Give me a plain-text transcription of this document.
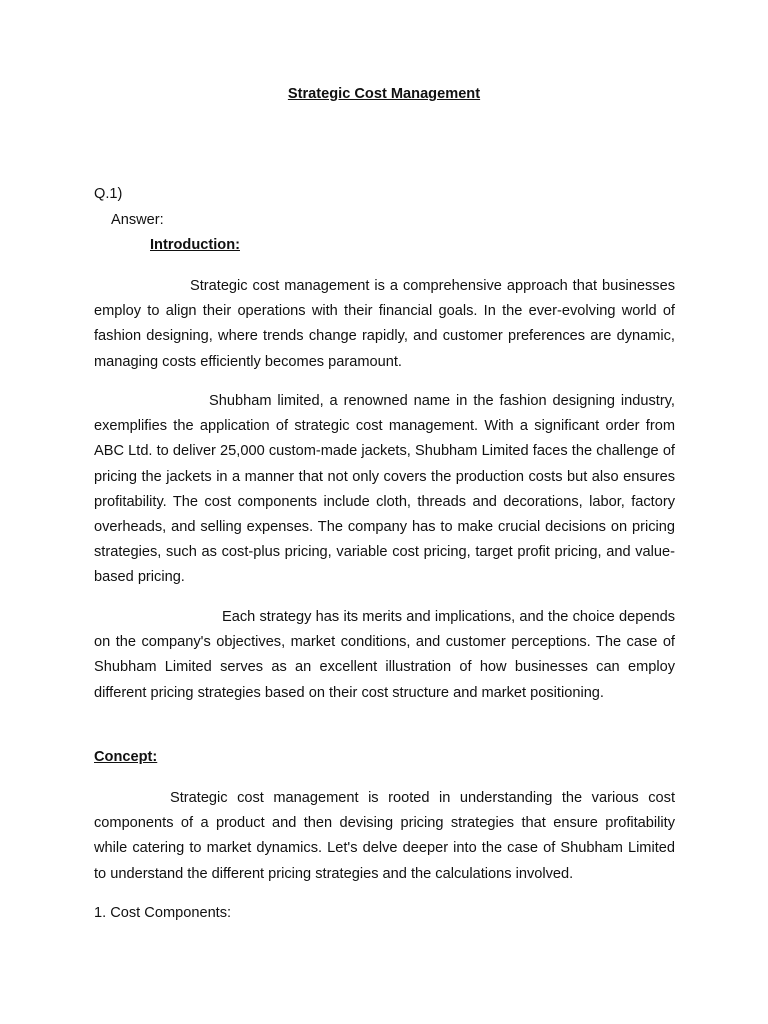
Strategic Cost Management
Q.1)
Answer:
Introduction:

Strategic cost management is a comprehensive approach that businesses employ to align their operations with their financial goals. In the ever-evolving world of fashion designing, where trends change rapidly, and customer preferences are dynamic, managing costs efficiently becomes paramount.

Shubham limited, a renowned name in the fashion designing industry, exemplifies the application of strategic cost management. With a significant order from ABC Ltd. to deliver 25,000 custom-made jackets, Shubham Limited faces the challenge of pricing the jackets in a manner that not only covers the production costs but also ensures profitability. The cost components include cloth, threads and decorations, labor, factory overheads, and selling expenses. The company has to make crucial decisions on pricing strategies, such as cost-plus pricing, variable cost pricing, target profit pricing, and value-based pricing.

Each strategy has its merits and implications, and the choice depends on the company's objectives, market conditions, and customer perceptions. The case of Shubham Limited serves as an excellent illustration of how businesses can employ different pricing strategies based on their cost structure and market positioning.

Concept:

Strategic cost management is rooted in understanding the various cost components of a product and then devising pricing strategies that ensure profitability while catering to market dynamics. Let's delve deeper into the case of Shubham Limited to understand the different pricing strategies and the calculations involved.

1. Cost Components:
